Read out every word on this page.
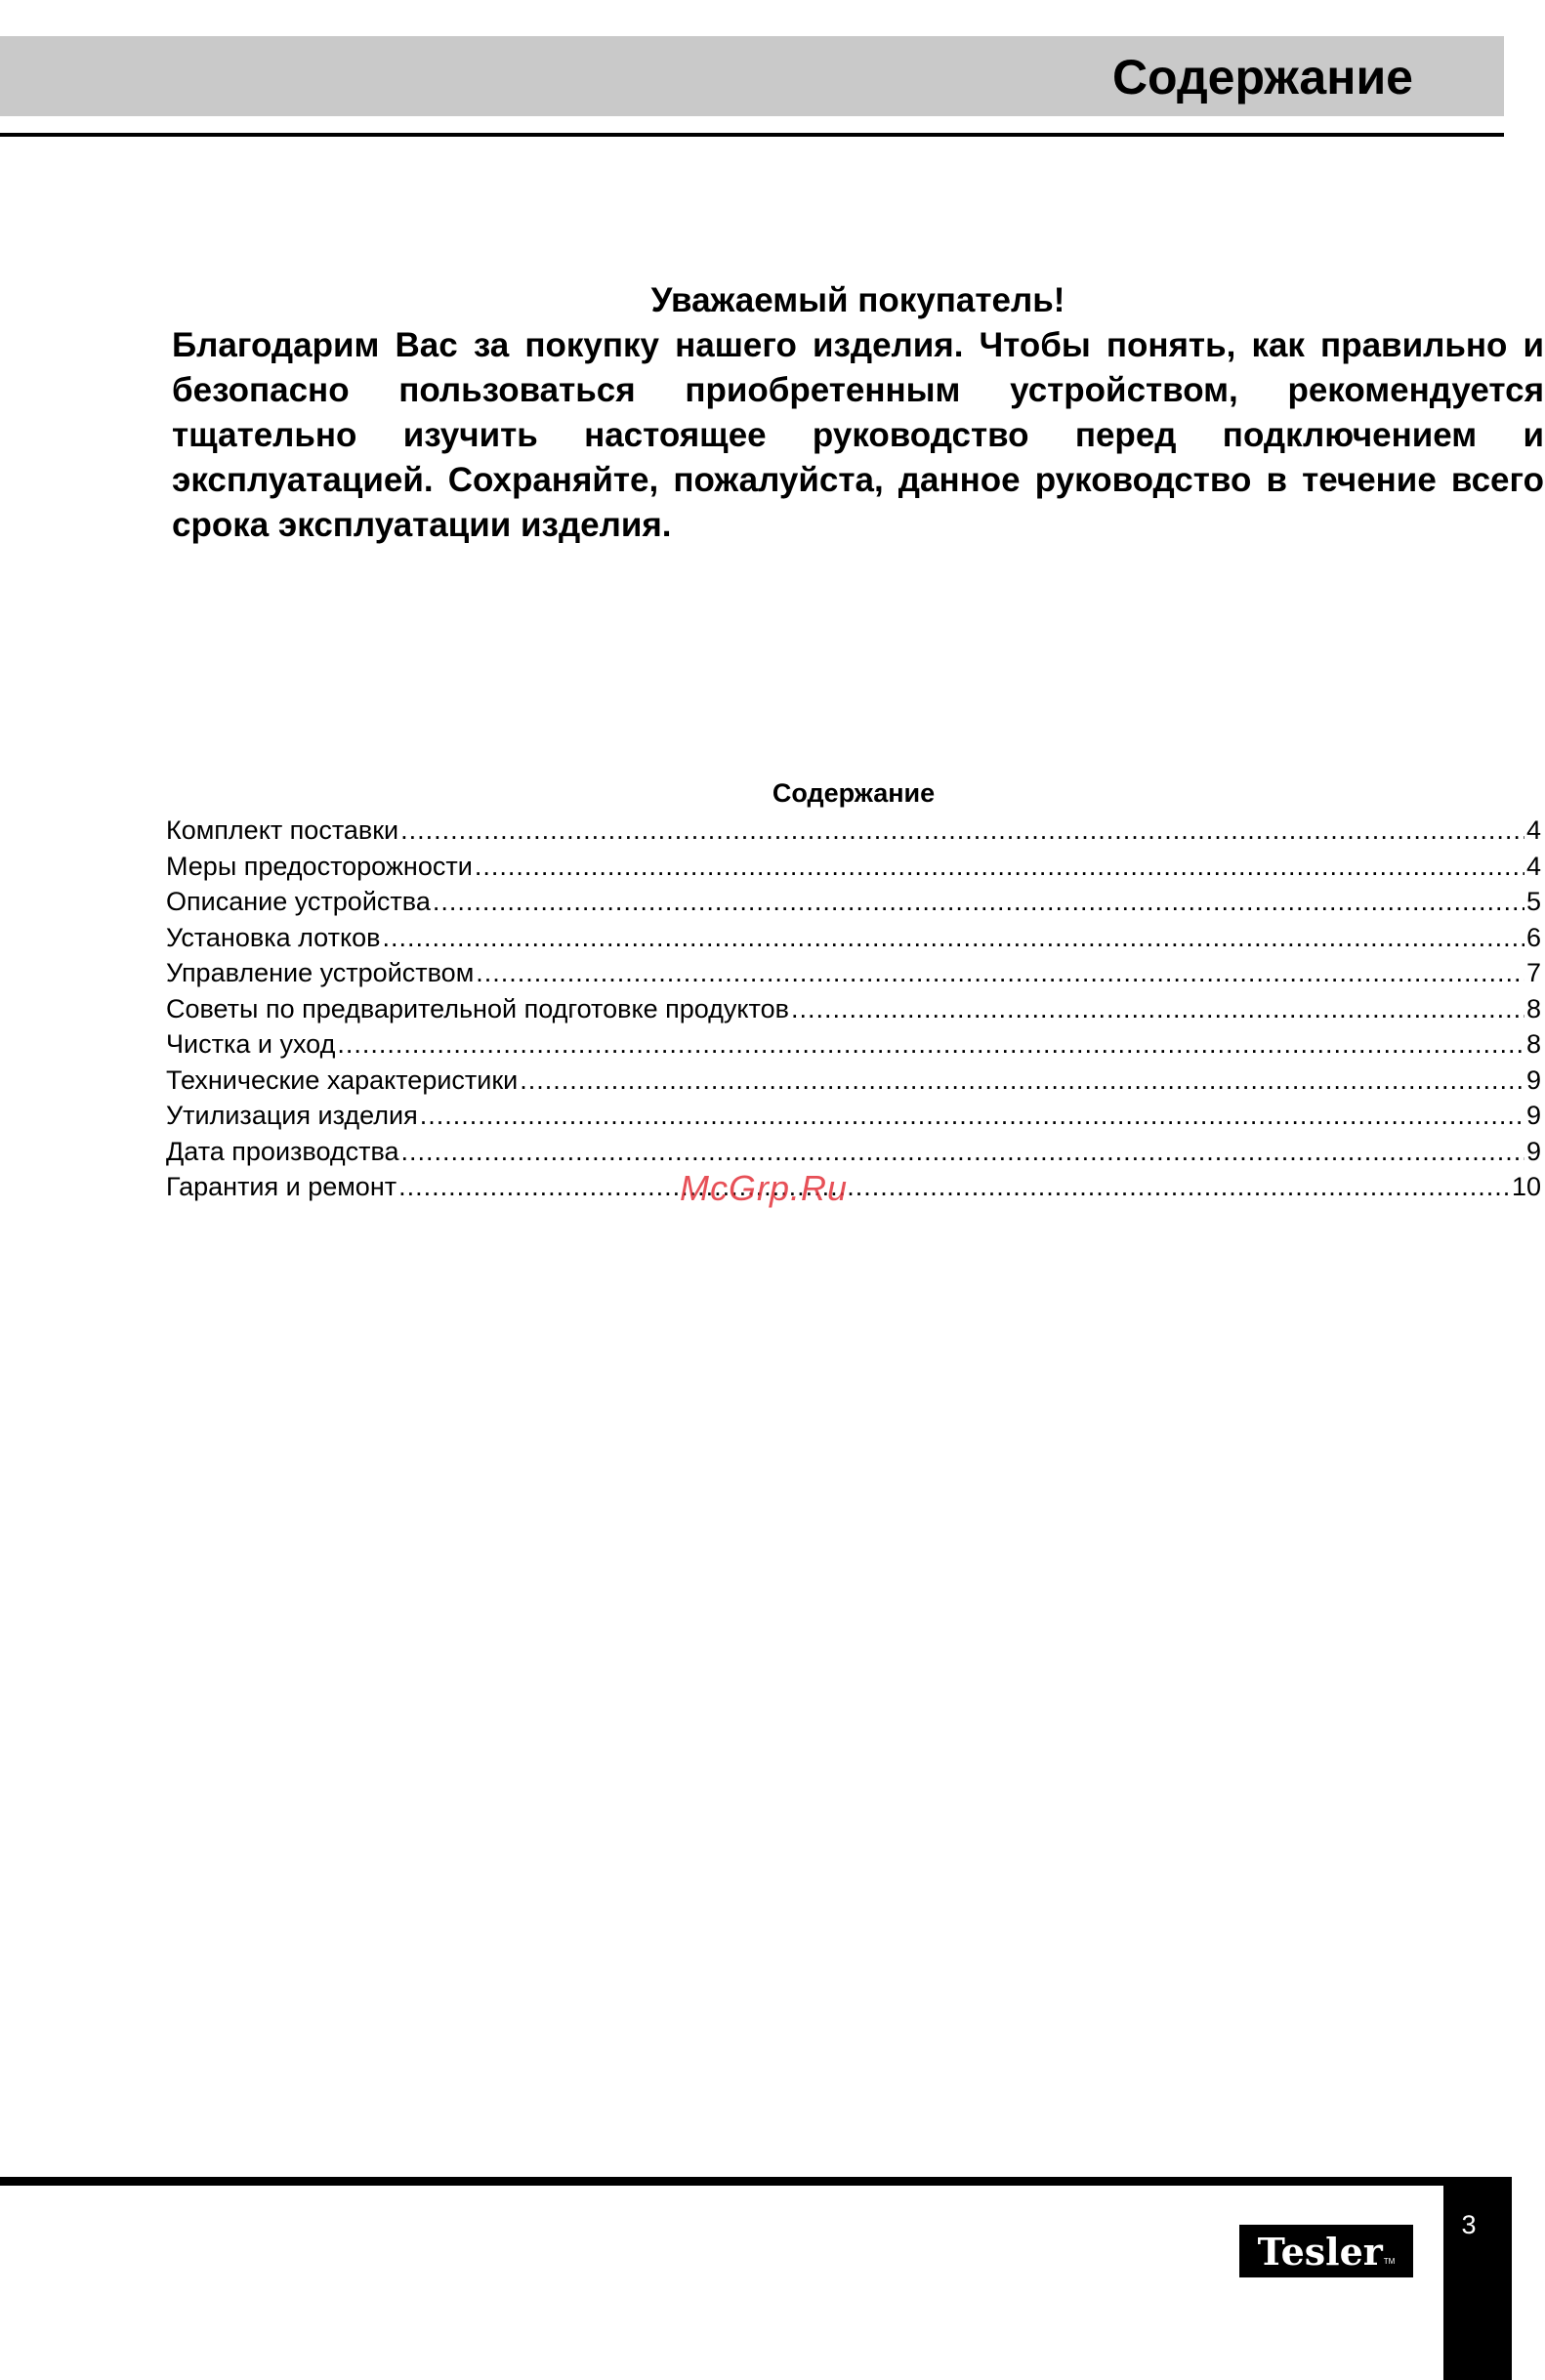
Содержание

Уважаемый покупатель!

Благодарим Вас за покупку нашего изделия. Чтобы понять, как правильно и безопасно пользоваться приобретенным устройством, рекомендуется тщательно изучить настоящее руководство перед подключением и эксплуатацией. Сохраняйте, пожалуйста, данное руководство в течение всего срока эксплуатации изделия.

Содержание
Комплект поставки .....	4
Меры предосторожности .....	4
Описание устройства .....	5
Установка лотков .....	6
Управление устройством .....	7
Советы по предварительной подготовке продуктов .....	8
Чистка и уход .....	8
Технические характеристики .....	9
Утилизация изделия .....	9
Дата производства .....	9
Гарантия и ремонт .....	10
McGrp.Ru
3
Tesler TM
